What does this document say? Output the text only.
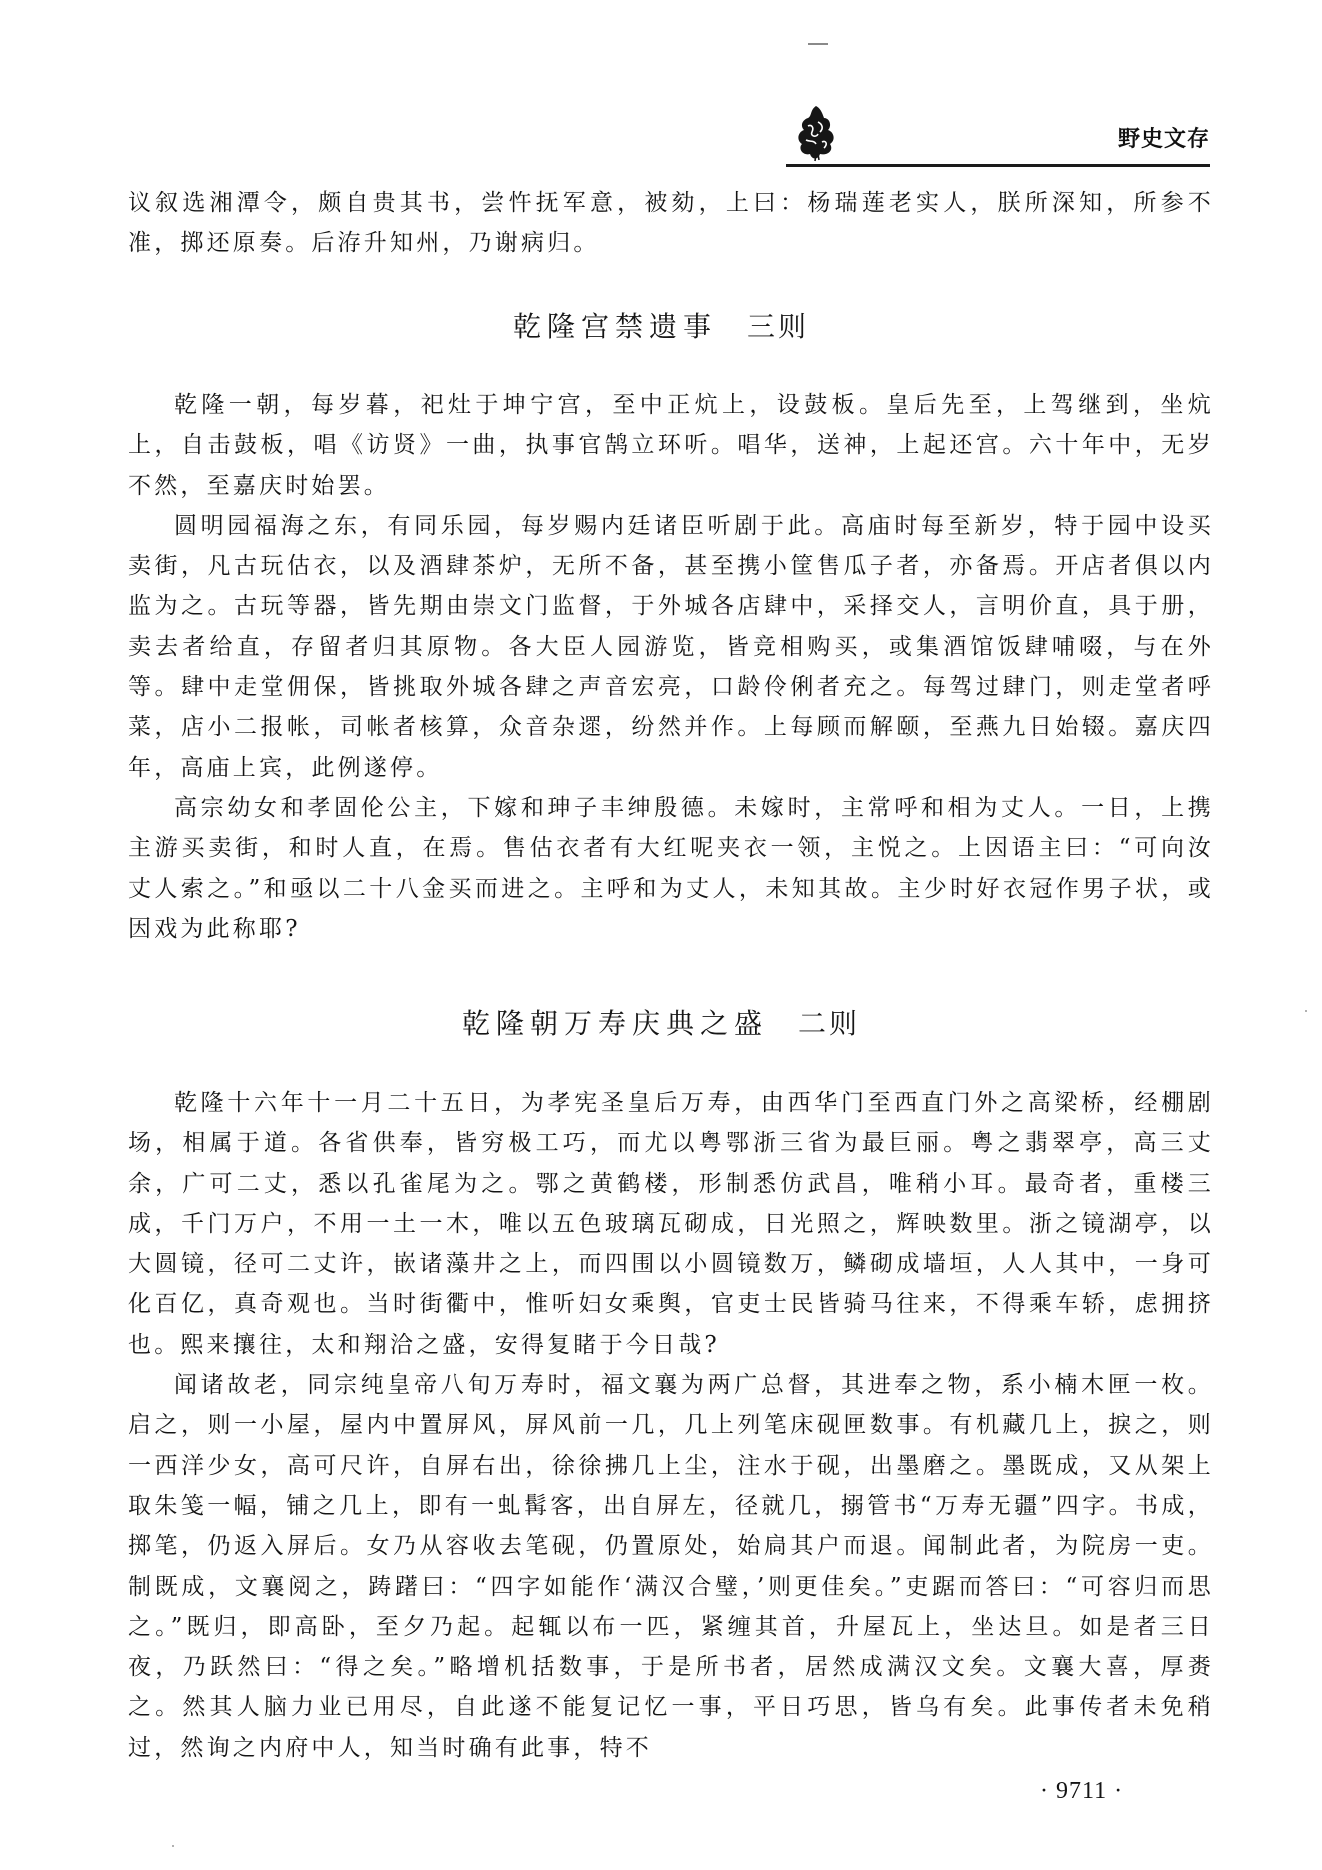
野史文存

议叙选湘潭令，颇自贵其书，尝忤抚军意，被劾，上曰：杨瑞莲老实人，朕所深知，所参不准，掷还原奏。后洊升知州，乃谢病归。

乾隆宫禁遗事 三则

乾隆一朝，每岁暮，祀灶于坤宁宫，至中正炕上，设鼓板。皇后先至，上驾继到，坐炕上，自击鼓板，唱《访贤》一曲，执事官鹄立环听。唱华，送神，上起还宫。六十年中，无岁不然，至嘉庆时始罢。

圆明园福海之东，有同乐园，每岁赐内廷诸臣听剧于此。高庙时每至新岁，特于园中设买卖街，凡古玩估衣，以及酒肆茶炉，无所不备，甚至携小筐售瓜子者，亦备焉。开店者俱以内监为之。古玩等器，皆先期由崇文门监督，于外城各店肆中，采择交人，言明价直，具于册，卖去者给直，存留者归其原物。各大臣人园游览，皆竞相购买，或集酒馆饭肆哺啜，与在外等。肆中走堂佣保，皆挑取外城各肆之声音宏亮，口龄伶俐者充之。每驾过肆门，则走堂者呼菜，店小二报帐，司帐者核算，众音杂遝，纷然并作。上每顾而解颐，至燕九日始辍。嘉庆四年，高庙上宾，此例遂停。

高宗幼女和孝固伦公主，下嫁和珅子丰绅殷德。未嫁时，主常呼和相为丈人。一日，上携主游买卖街，和时人直，在焉。售估衣者有大红呢夹衣一领，主悦之。上因语主曰：“可向汝丈人索之。”和亟以二十八金买而进之。主呼和为丈人，未知其故。主少时好衣冠作男子状，或因戏为此称耶?

乾隆朝万寿庆典之盛 二则

乾隆十六年十一月二十五日，为孝宪圣皇后万寿，由西华门至西直门外之高梁桥，经棚剧场，相属于道。各省供奉，皆穷极工巧，而尤以粤鄂浙三省为最巨丽。粤之翡翠亭，高三丈余，广可二丈，悉以孔雀尾为之。鄂之黄鹤楼，形制悉仿武昌，唯稍小耳。最奇者，重楼三成，千门万户，不用一土一木，唯以五色玻璃瓦砌成，日光照之，辉映数里。浙之镜湖亭，以大圆镜，径可二丈许，嵌诸藻井之上，而四围以小圆镜数万，鳞砌成墙垣，人人其中，一身可化百亿，真奇观也。当时街衢中，惟听妇女乘舆，官吏士民皆骑马往来，不得乘车轿，虑拥挤也。熙来攘往，太和翔洽之盛，安得复睹于今日哉?

闻诸故老，同宗纯皇帝八旬万寿时，福文襄为两广总督，其进奉之物，系小楠木匣一枚。启之，则一小屋，屋内中置屏风，屏风前一几，几上列笔床砚匣数事。有机藏几上，捩之，则一西洋少女，高可尺许，自屏右出，徐徐拂几上尘，注水于砚，出墨磨之。墨既成，又从架上取朱笺一幅，铺之几上，即有一虬髯客，出自屏左，径就几，搦管书“万寿无疆”四字。书成，掷笔，仍返入屏后。女乃从容收去笔砚，仍置原处，始扃其户而退。闻制此者，为院房一吏。制既成，文襄阅之，踌躇曰：“四字如能作‘满汉合璧，’则更佳矣。”吏踞而答曰：“可容归而思之。”既归，即高卧，至夕乃起。起辄以布一匹，紧缠其首，升屋瓦上，坐达旦。如是者三日夜，乃跃然曰：“得之矣。”略增机括数事，于是所书者，居然成满汉文矣。文襄大喜，厚赉之。然其人脑力业已用尽，自此遂不能复记忆一事，平日巧思，皆乌有矣。此事传者未免稍过，然询之内府中人，知当时确有此事，特不

· 9711 ·
